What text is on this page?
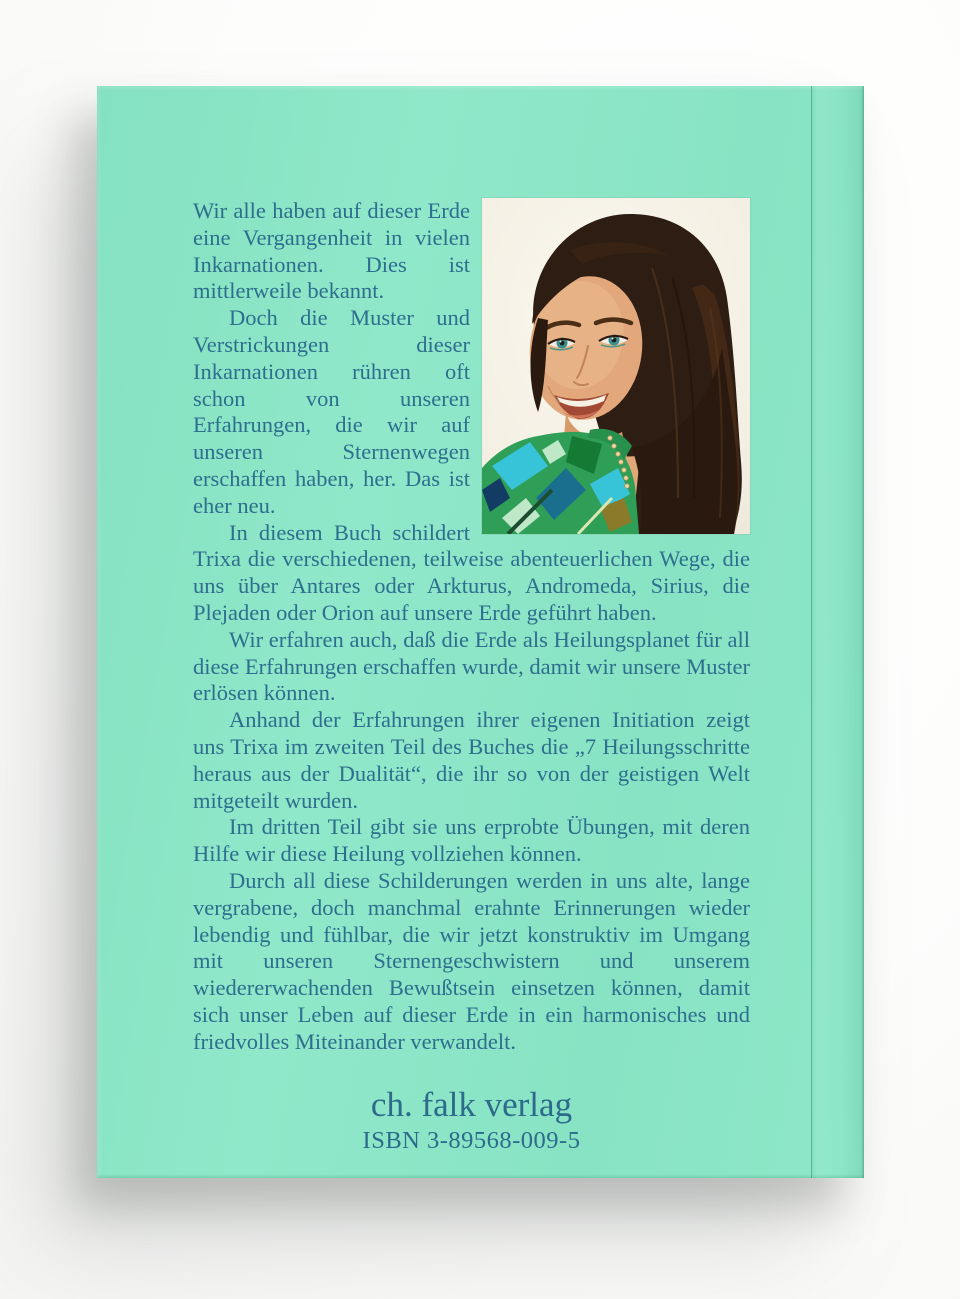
Wir alle haben auf dieser Erde eine Vergangenheit in vielen Inkarnationen. Dies ist mittlerweile bekannt.

Doch die Muster und Verstrickungen dieser Inkarnationen rühren oft schon von unseren Erfahrungen, die wir auf unseren Sternenwegen erschaffen haben, her. Das ist eher neu.

In diesem Buch schildert Trixa die verschiedenen, teilweise abenteuerlichen Wege, die uns über Antares oder Arkturus, Andromeda, Sirius, die Plejaden oder Orion auf unsere Erde geführt haben.

Wir erfahren auch, daß die Erde als Heilungsplanet für all diese Erfahrungen erschaffen wurde, damit wir unsere Muster erlösen können.

Anhand der Erfahrungen ihrer eigenen Initiation zeigt uns Trixa im zweiten Teil des Buches die „7 Heilungsschritte heraus aus der Dualität“, die ihr so von der geistigen Welt mitgeteilt wurden.

Im dritten Teil gibt sie uns erprobte Übungen, mit deren Hilfe wir diese Heilung vollziehen können.

Durch all diese Schilderungen werden in uns alte, lange vergrabene, doch manchmal erahnte Erinnerungen wieder lebendig und fühlbar, die wir jetzt konstruktiv im Umgang mit unseren Sternengeschwistern und unserem wiedererwachenden Bewußtsein einsetzen können, damit sich unser Leben auf dieser Erde in ein harmonisches und friedvolles Miteinander verwandelt.

ch. falk verlag
ISBN 3-89568-009-5
